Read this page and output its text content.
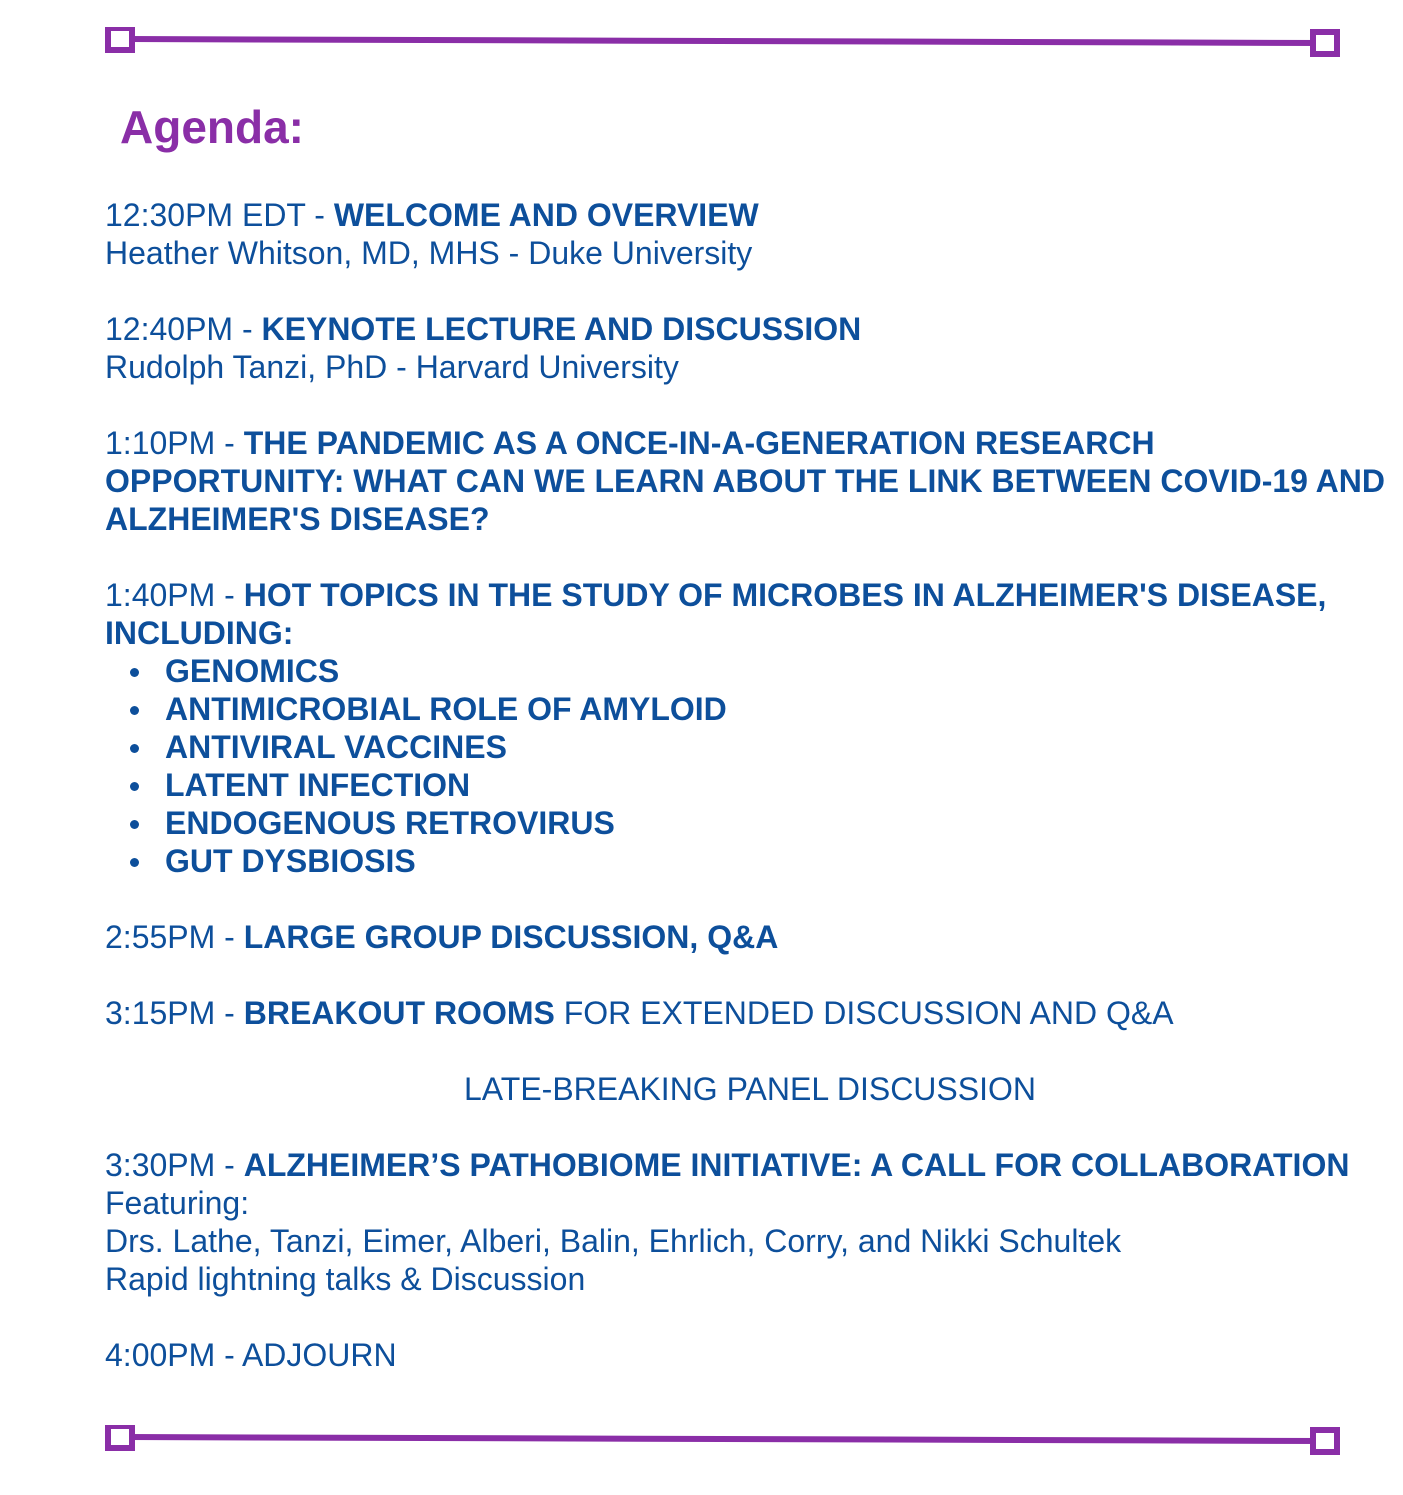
Agenda:
12:30PM EDT - WELCOME AND OVERVIEW
Heather Whitson, MD, MHS - Duke University
12:40PM - KEYNOTE LECTURE AND DISCUSSION
Rudolph Tanzi, PhD - Harvard University
1:10PM - THE PANDEMIC AS A ONCE-IN-A-GENERATION RESEARCH OPPORTUNITY: WHAT CAN WE LEARN ABOUT THE LINK BETWEEN COVID-19 AND ALZHEIMER'S DISEASE?
1:40PM - HOT TOPICS IN THE STUDY OF MICROBES IN ALZHEIMER'S DISEASE, INCLUDING:
GENOMICS
ANTIMICROBIAL ROLE OF AMYLOID
ANTIVIRAL VACCINES
LATENT INFECTION
ENDOGENOUS RETROVIRUS
GUT DYSBIOSIS
2:55PM - LARGE GROUP DISCUSSION, Q&A
3:15PM - BREAKOUT ROOMS FOR EXTENDED DISCUSSION AND Q&A
LATE-BREAKING PANEL DISCUSSION
3:30PM - ALZHEIMER’S PATHOBIOME INITIATIVE: A CALL FOR COLLABORATION
Featuring:
Drs. Lathe, Tanzi, Eimer, Alberi, Balin, Ehrlich, Corry, and Nikki Schultek
Rapid lightning talks & Discussion
4:00PM - ADJOURN
